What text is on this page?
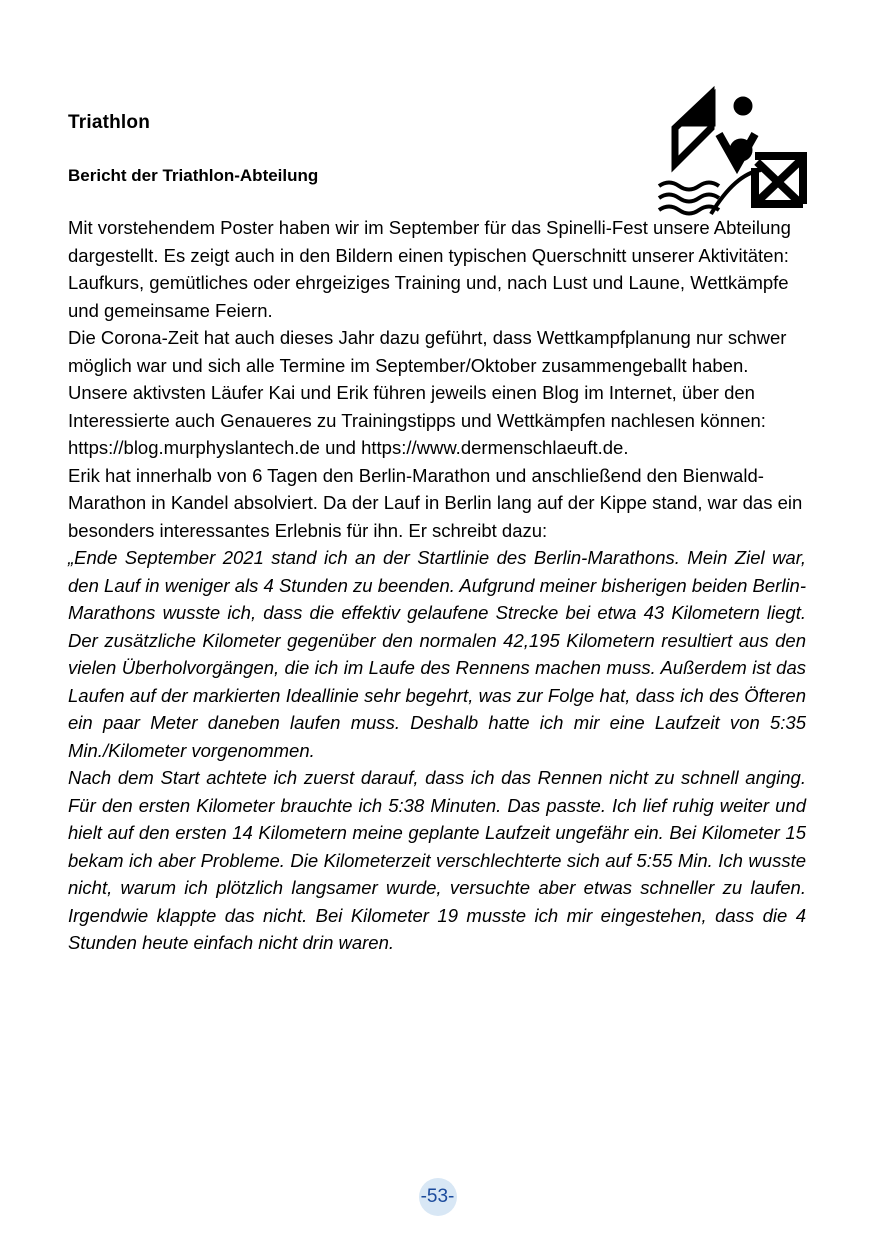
Triathlon
Bericht der Triathlon-Abteilung

Mit vorstehendem Poster haben wir im September für das Spinelli-Fest unsere Abteilung dargestellt. Es zeigt auch in den Bildern einen typischen Querschnitt unserer Aktivitäten: Laufkurs, gemütliches oder ehrgeiziges Training und, nach Lust und Laune, Wettkämpfe und gemeinsame Feiern.

Die Corona-Zeit hat auch dieses Jahr dazu geführt, dass Wettkampfplanung nur schwer möglich war und sich alle Termine im September/Oktober zusammengeballt haben. Unsere aktivsten Läufer Kai und Erik führen jeweils einen Blog im Internet, über den Interessierte auch Genaueres zu Trainingstipps und Wettkämpfen nachlesen können: https://blog.murphyslantech.de und https://www.dermenschlaeuft.de.

Erik hat innerhalb von 6 Tagen den Berlin-Marathon und anschließend den Bienwald-Marathon in Kandel absolviert. Da der Lauf in Berlin lang auf der Kippe stand, war das ein besonders interessantes Erlebnis für ihn. Er schreibt dazu:

„Ende September 2021 stand ich an der Startlinie des Berlin-Marathons. Mein Ziel war, den Lauf in weniger als 4 Stunden zu beenden. Aufgrund meiner bisherigen beiden Berlin-Marathons wusste ich, dass die effektiv gelaufene Strecke bei etwa 43 Kilometern liegt. Der zusätzliche Kilometer gegenüber den normalen 42,195 Kilometern resultiert aus den vielen Überholvorgängen, die ich im Laufe des Rennens machen muss. Außerdem ist das Laufen auf der markierten Ideallinie sehr begehrt, was zur Folge hat, dass ich des Öfteren ein paar Meter daneben laufen muss. Deshalb hatte ich mir eine Laufzeit von 5:35 Min./Kilometer vorgenommen.

Nach dem Start achtete ich zuerst darauf, dass ich das Rennen nicht zu schnell anging. Für den ersten Kilometer brauchte ich 5:38 Minuten. Das passte. Ich lief ruhig weiter und hielt auf den ersten 14 Kilometern meine geplante Laufzeit ungefähr ein. Bei Kilometer 15 bekam ich aber Probleme. Die Kilometerzeit verschlechterte sich auf 5:55 Min. Ich wusste nicht, warum ich plötzlich langsamer wurde, versuchte aber etwas schneller zu laufen. Irgendwie klappte das nicht. Bei Kilometer 19 musste ich mir eingestehen, dass die 4 Stunden heute einfach nicht drin waren.

-53-
